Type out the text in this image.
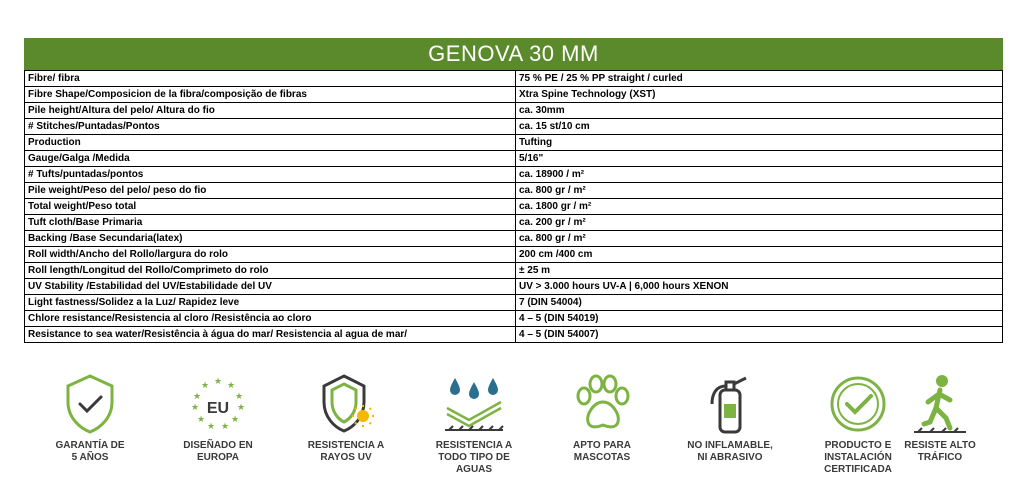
GENOVA 30 MM
Fibre/ fibra	75 % PE / 25 % PP straight / curled
Fibre Shape/Composicion de la fibra/composição de fibras	Xtra Spine Technology (XST)
Pile height/Altura del pelo/ Altura do fio	ca. 30mm
# Stitches/Puntadas/Pontos	ca. 15 st/10 cm
Production	Tufting
Gauge/Galga /Medida	5/16"
# Tufts/puntadas/pontos	ca. 18900 / m²
Pile weight/Peso del pelo/ peso do fio	ca. 800 gr / m²
Total weight/Peso total	ca. 1800 gr / m²
Tuft cloth/Base Primaria	ca. 200 gr / m²
Backing /Base Secundaria(latex)	ca. 800 gr / m²
Roll width/Ancho del Rollo/largura do rolo	200 cm /400 cm
Roll length/Longitud del Rollo/Comprimeto do rolo	± 25 m
UV Stability /Estabilidad del UV/Estabilidade del UV	UV > 3.000 hours UV-A | 6,000 hours XENON
Light fastness/Solidez a la Luz/ Rapidez leve	7 (DIN 54004)
Chlore resistance/Resistencia al cloro /Resistência ao cloro	4 – 5 (DIN 54019)
Resistance to sea water/Resistência à água do mar/ Resistencia al agua de mar/	4 – 5 (DIN 54007)
GARANTÍA DE
5 AÑOS
★ ★
★
★
★
★
★
★
★
★
★
EU
DISEÑADO EN
EUROPA
RESISTENCIA A
RAYOS UV
RESISTENCIA A
TODO TIPO DE
AGUAS
APTO PARA
MASCOTAS
NO INFLAMABLE,
NI ABRASIVO
PRODUCTO E
INSTALACIÓN
CERTIFICADA
RESISTE ALTO
TRÁFICO
